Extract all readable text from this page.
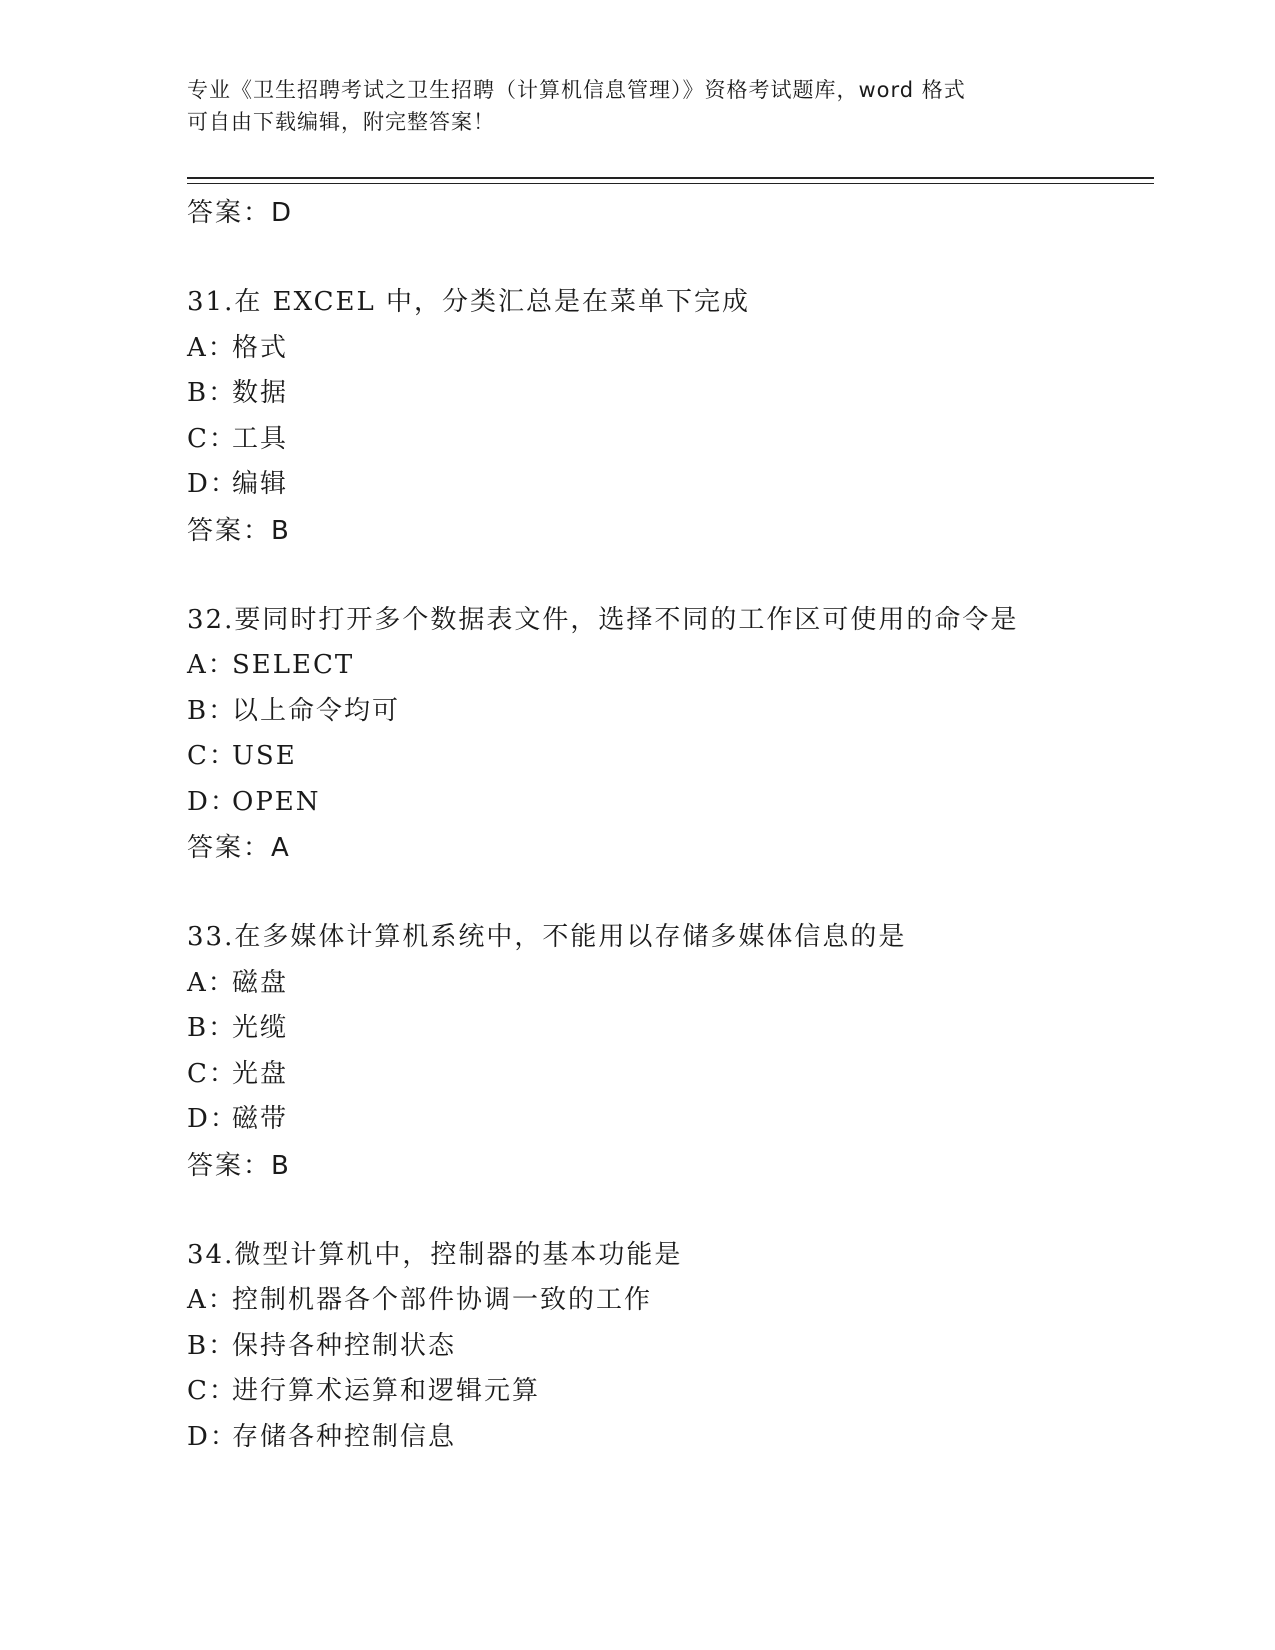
专业《卫生招聘考试之卫生招聘（计算机信息管理）》资格考试题库，word 格式
可自由下载编辑，附完整答案！
答案：D
31.在 EXCEL 中，分类汇总是在菜单下完成
A：格式
B：数据
C：工具
D：编辑
答案：B
32.要同时打开多个数据表文件，选择不同的工作区可使用的命令是
A：SELECT
B：以上命令均可
C：USE
D：OPEN
答案：A
33.在多媒体计算机系统中，不能用以存储多媒体信息的是
A：磁盘
B：光缆
C：光盘
D：磁带
答案：B
34.微型计算机中，控制器的基本功能是
A：控制机器各个部件协调一致的工作
B：保持各种控制状态
C：进行算术运算和逻辑元算
D：存储各种控制信息
